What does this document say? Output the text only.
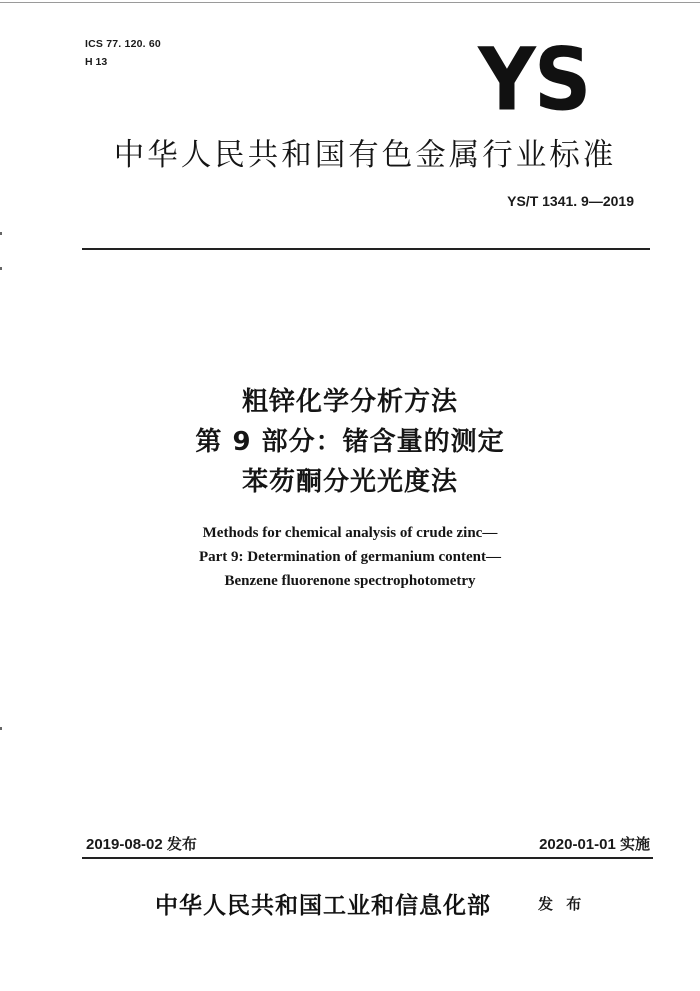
ICS 77. 120. 60
H 13	YS
中华人民共和国有色金属行业标准
YS/T 1341. 9—2019
粗锌化学分析方法
第 9 部分：锗含量的测定
苯芴酮分光光度法
Methods for chemical analysis of crude zinc—
Part 9: Determination of germanium content—
Benzene fluorenone spectrophotometry
2019-08-02 发布	2020-01-01 实施
中华人民共和国工业和信息化部	发 布
